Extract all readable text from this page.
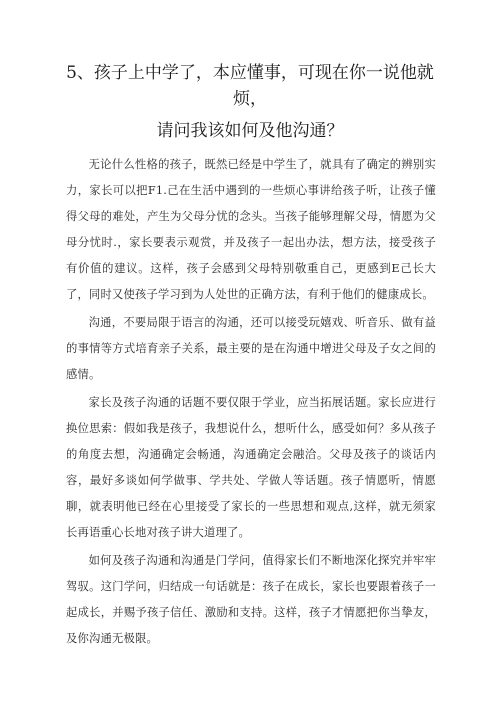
5、孩子上中学了，本应懂事，可现在你一说他就
烦，
请问我该如何及他沟通？

无论什么性格的孩子，既然已经是中学生了，就具有了确定的辨别实力，家长可以把F1.己在生活中遇到的一些烦心事讲给孩子听，让孩子懂得父母的难处，产生为父母分忧的念头。当孩子能够理解父母，情愿为父母分忧时.，家长要表示观赏，并及孩子一起出办法，想方法，接受孩子有价值的建议。这样，孩子会感到父母特别敬重自己，更感到E己长大了，同时又使孩子学习到为人处世的正确方法，有利于他们的健康成长。

沟通，不要局限于语言的沟通，还可以接受玩嬉戏、听音乐、做有益的事情等方式培育亲子关系，最主要的是在沟通中增进父母及子女之间的感情。

家长及孩子沟通的话题不要仅限于学业，应当拓展话题。家长应进行换位思索：假如我是孩子，我想说什么，想听什么，感受如何？多从孩子的角度去想，沟通确定会畅通，沟通确定会融洽。父母及孩子的谈话内容，最好多谈如何学做事、学共处、学做人等话题。孩子情愿听，情愿聊，就表明他已经在心里接受了家长的一些思想和观点,这样，就无须家长再语重心长地对孩子讲大道理了。

如何及孩子沟通和沟通是门学问，值得家长们不断地深化探究并牢牢驾驭。这门学问，归结成一句话就是：孩子在成长，家长也要跟着孩子一起成长，并赐予孩子信任、激励和支持。这样，孩子才情愿把你当挚友，及你沟通无极限。
